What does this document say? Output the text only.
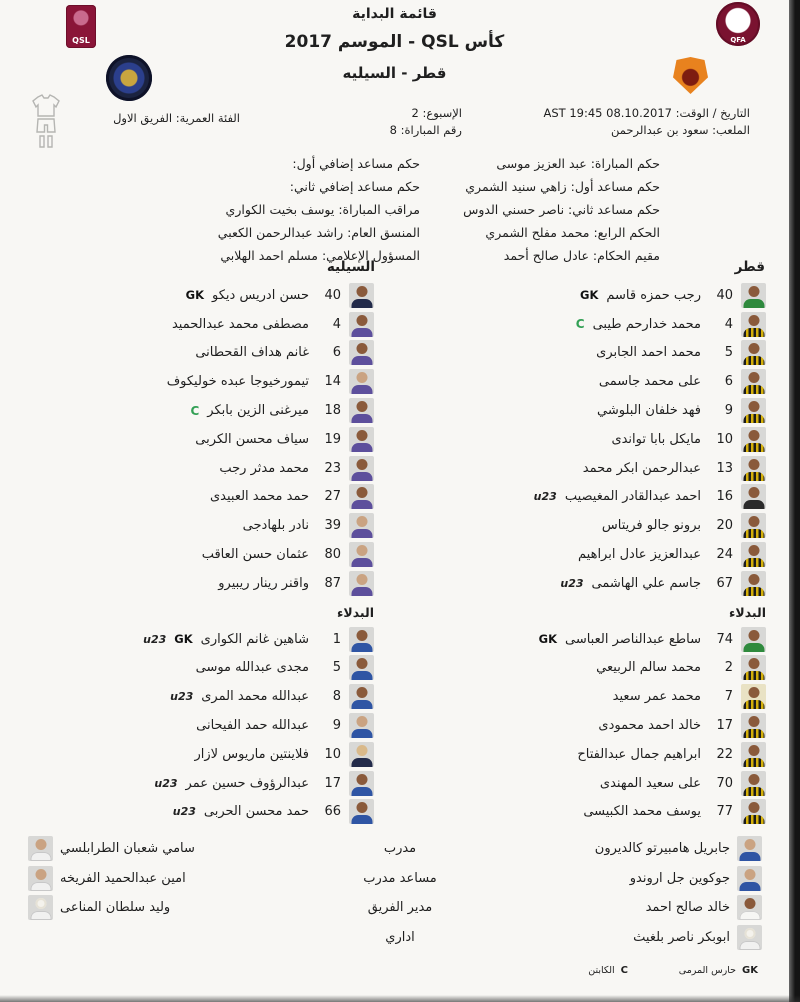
قائمة البداية
كأس QSL - الموسم 2017
قطر - السيليه
QSL	QFA
التاريخ / الوقت: AST 19:45 08.10.2017
الملعب: سعود بن عبدالرحمن
الإسبوع: 2
رقم المباراة: 8
الفئة العمرية: الفريق الاول
حكم المباراة: عبد العزيز موسى
حكم مساعد أول: زاهي سنيد الشمري
حكم مساعد ثاني: ناصر حسني الدوس
الحكم الرابع: محمد مفلح الشمري
مقيم الحكام: عادل صالح أحمد
حكم مساعد إضافي أول:
حكم مساعد إضافي ثاني:
مراقب المباراة: يوسف بخيت الكواري
المنسق العام: راشد عبدالرحمن الكعبي
المسؤول الإعلامي: مسلم احمد الهلابي
قطر
السيليه
40
رجب حمزه قاسم
GK
4
محمد خدارحم طيبى
C
5
محمد احمد الجابرى
6
على محمد جاسمى
9
فهد خلفان البلوشي
10
مايكل بابا تواندى
13
عبدالرحمن ابكر محمد
16
احمد عبدالقادر المغيصيب
u23
20
برونو جالو فريتاس
24
عبدالعزيز عادل ابراهيم
67
جاسم علي الهاشمى
u23
البدلاء
74
ساطع عبدالناصر العباسى
GK
2
محمد سالم الربيعي
7
محمد عمر سعيد
17
خالد احمد محمودى
22
ابراهيم جمال عبدالفتاح
70
على سعيد المهندى
77
يوسف محمد الكبيسى
40
حسن ادريس ديكو
GK
4
مصطفى محمد عبدالحميد
6
غانم هداف القحطانى
14
تيمورخيوجا عبده خوليكوف
18
ميرغنى الزين بابكر
C
19
سياف محسن الكربى
23
محمد مدثر رجب
27
حمد محمد العبيدى
39
نادر بلهادجى
80
عثمان حسن العاقب
87
واقنر رينار ريبيرو
البدلاء
1
شاهين غانم الكوارى
GK
u23
5
مجدى عبدالله موسى
8
عبدالله محمد المرى
u23
9
عبدالله حمد الفيحانى
10
فلاينتين ماريوس لازار
17
عبدالرؤوف حسين عمر
u23
66
حمد محسن الحربى
u23
جابريل هامبيرتو كالديرون
جوكوين جل اروندو
خالد صالح احمد
ابوبكر ناصر بلغيث
مدرب
مساعد مدرب
مدير الفريق
اداري
سامي شعبان الطرابلسي
امين عبدالحميد الفريخه
وليد سلطان المناعى
GK
حارس المرمى
C
الكابتن
